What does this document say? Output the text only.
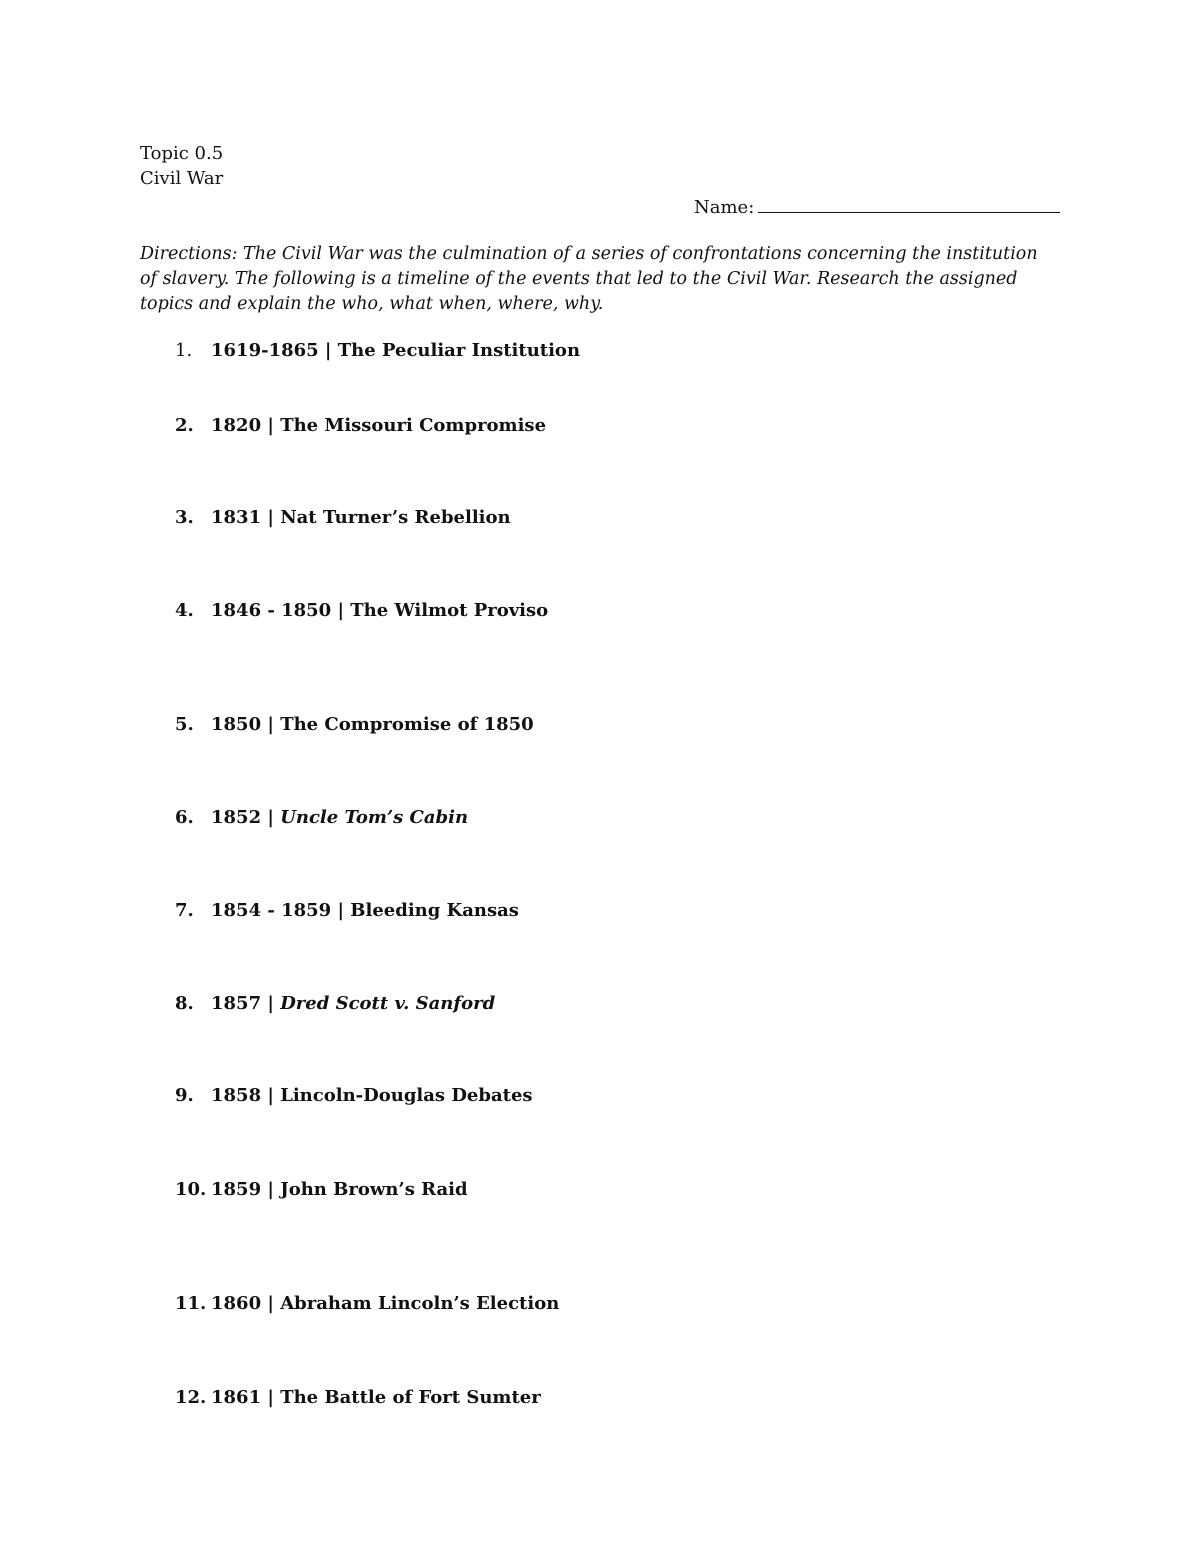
Topic 0.5
Civil War
Name:
Directions: The Civil War was the culmination of a series of confrontations concerning the institution of slavery. The following is a timeline of the events that led to the Civil War. Research the assigned topics and explain the who, what when, where, why.
1. 1619-1865 | The Peculiar Institution
2. 1820 | The Missouri Compromise
3. 1831 | Nat Turner’s Rebellion
4. 1846 - 1850 | The Wilmot Proviso
5. 1850 | The Compromise of 1850
6. 1852 | Uncle Tom’s Cabin
7. 1854 - 1859 | Bleeding Kansas
8. 1857 | Dred Scott v. Sanford
9. 1858 | Lincoln-Douglas Debates
10. 1859 | John Brown’s Raid
11. 1860 | Abraham Lincoln’s Election
12. 1861 | The Battle of Fort Sumter
